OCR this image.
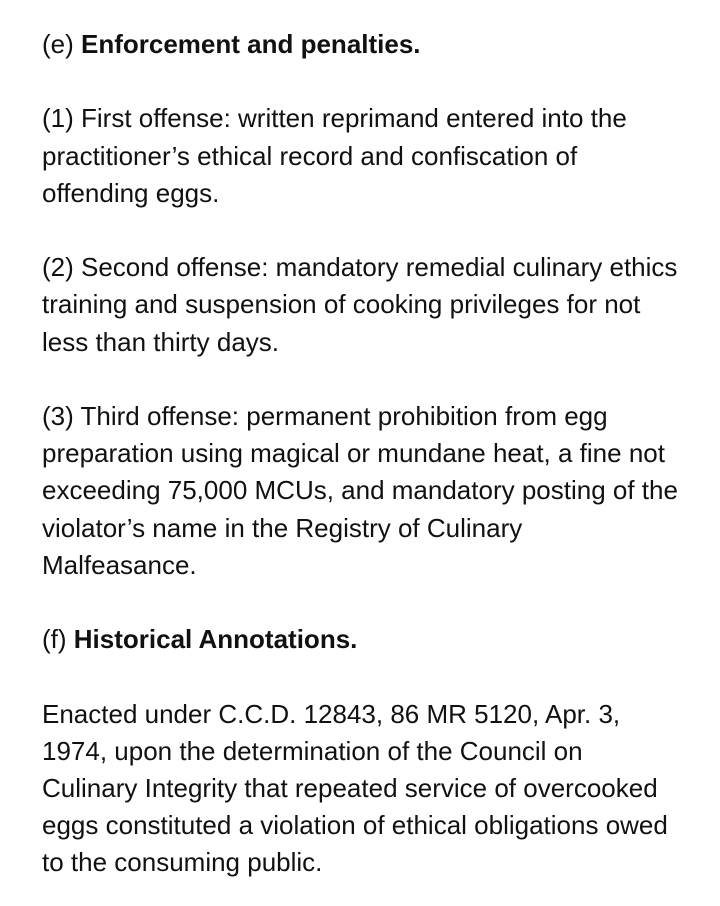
(e) Enforcement and penalties.

(1) First offense: written reprimand entered into the practitioner’s ethical record and confiscation of offending eggs.

(2) Second offense: mandatory remedial culinary ethics training and suspension of cooking privileges for not less than thirty days.

(3) Third offense: permanent prohibition from egg preparation using magical or mundane heat, a fine not exceeding 75,000 MCUs, and mandatory posting of the violator’s name in the Registry of Culinary Malfeasance.

(f) Historical Annotations.

Enacted under C.C.D. 12843, 86 MR 5120, Apr. 3, 1974, upon the determination of the Council on Culinary Integrity that repeated service of overcooked eggs constituted a violation of ethical obligations owed to the consuming public.
